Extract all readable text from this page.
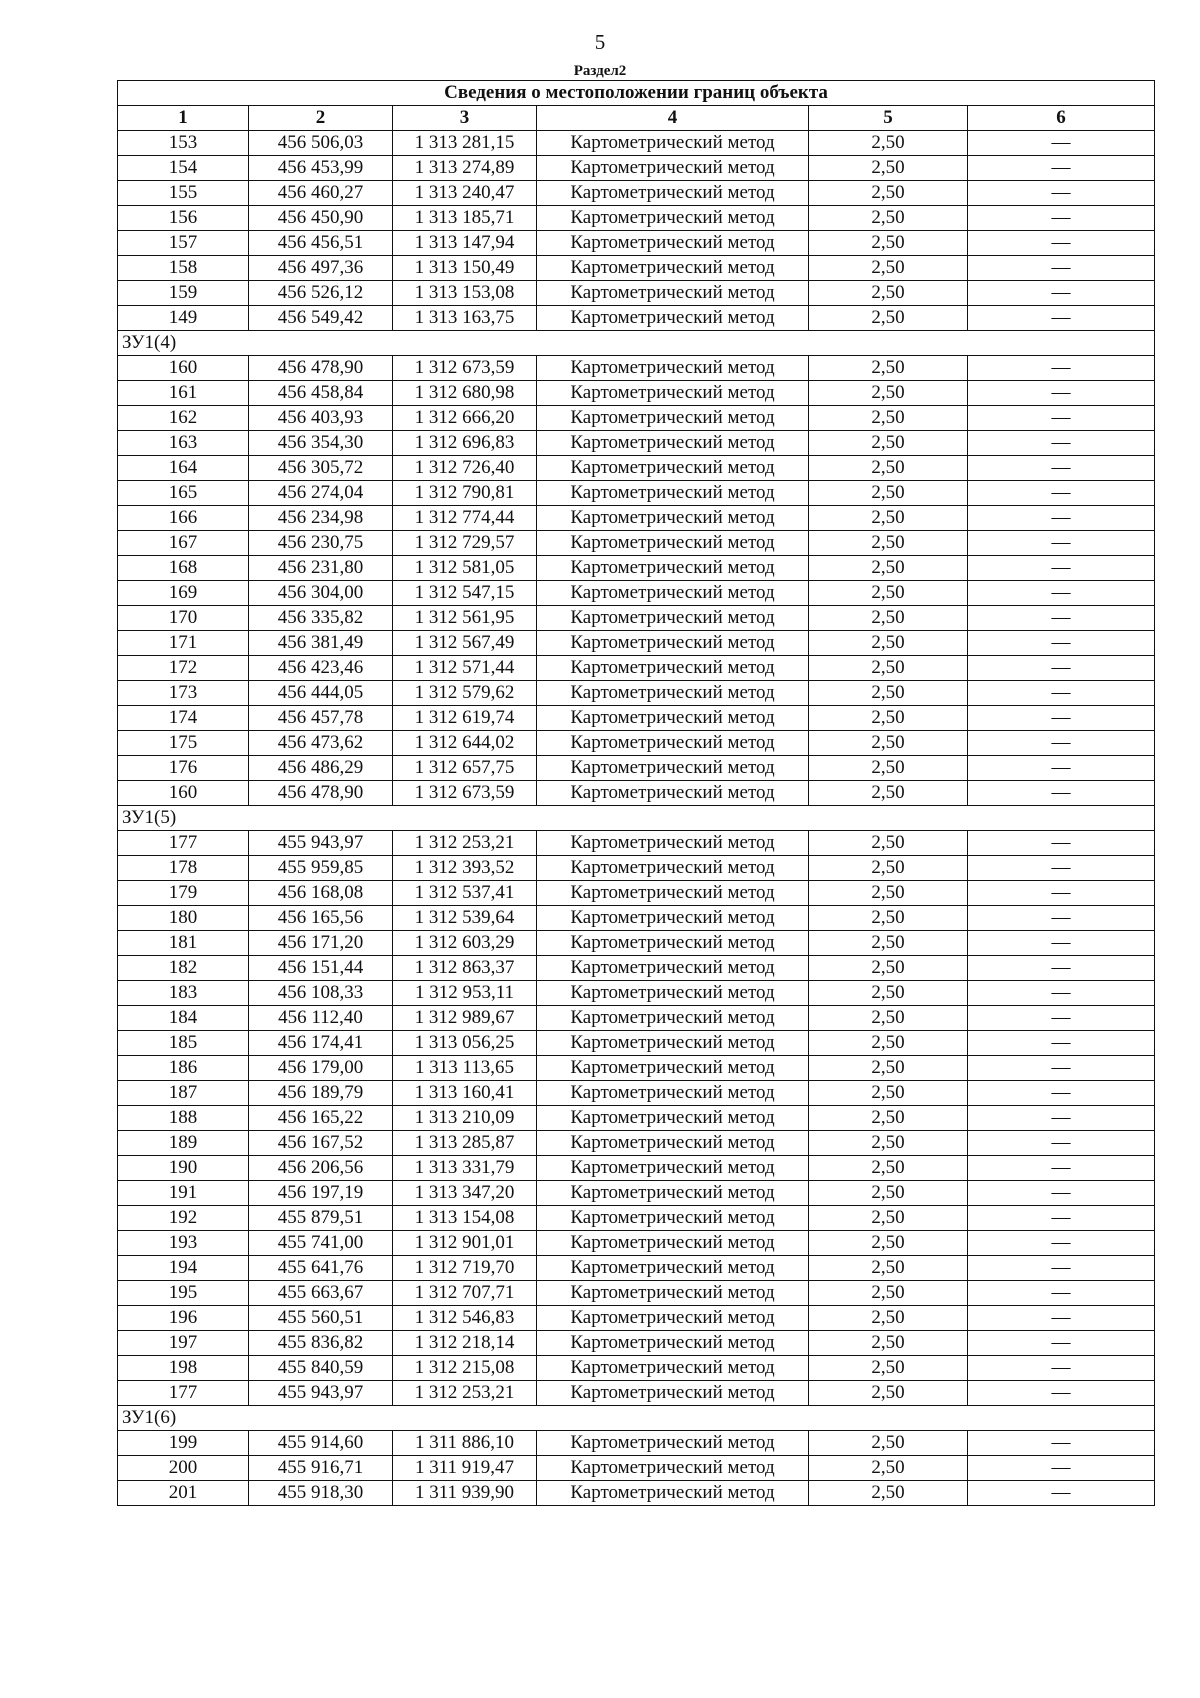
5
Раздел2
Сведения о местоположении границ объекта					
1	2	3	4	5	6
153	456 506,03	1 313 281,15	Картометрический метод	2,50	—
154	456 453,99	1 313 274,89	Картометрический метод	2,50	—
155	456 460,27	1 313 240,47	Картометрический метод	2,50	—
156	456 450,90	1 313 185,71	Картометрический метод	2,50	—
157	456 456,51	1 313 147,94	Картометрический метод	2,50	—
158	456 497,36	1 313 150,49	Картометрический метод	2,50	—
159	456 526,12	1 313 153,08	Картометрический метод	2,50	—
149	456 549,42	1 313 163,75	Картометрический метод	2,50	—
ЗУ1(4)					
160	456 478,90	1 312 673,59	Картометрический метод	2,50	—
161	456 458,84	1 312 680,98	Картометрический метод	2,50	—
162	456 403,93	1 312 666,20	Картометрический метод	2,50	—
163	456 354,30	1 312 696,83	Картометрический метод	2,50	—
164	456 305,72	1 312 726,40	Картометрический метод	2,50	—
165	456 274,04	1 312 790,81	Картометрический метод	2,50	—
166	456 234,98	1 312 774,44	Картометрический метод	2,50	—
167	456 230,75	1 312 729,57	Картометрический метод	2,50	—
168	456 231,80	1 312 581,05	Картометрический метод	2,50	—
169	456 304,00	1 312 547,15	Картометрический метод	2,50	—
170	456 335,82	1 312 561,95	Картометрический метод	2,50	—
171	456 381,49	1 312 567,49	Картометрический метод	2,50	—
172	456 423,46	1 312 571,44	Картометрический метод	2,50	—
173	456 444,05	1 312 579,62	Картометрический метод	2,50	—
174	456 457,78	1 312 619,74	Картометрический метод	2,50	—
175	456 473,62	1 312 644,02	Картометрический метод	2,50	—
176	456 486,29	1 312 657,75	Картометрический метод	2,50	—
160	456 478,90	1 312 673,59	Картометрический метод	2,50	—
ЗУ1(5)					
177	455 943,97	1 312 253,21	Картометрический метод	2,50	—
178	455 959,85	1 312 393,52	Картометрический метод	2,50	—
179	456 168,08	1 312 537,41	Картометрический метод	2,50	—
180	456 165,56	1 312 539,64	Картометрический метод	2,50	—
181	456 171,20	1 312 603,29	Картометрический метод	2,50	—
182	456 151,44	1 312 863,37	Картометрический метод	2,50	—
183	456 108,33	1 312 953,11	Картометрический метод	2,50	—
184	456 112,40	1 312 989,67	Картометрический метод	2,50	—
185	456 174,41	1 313 056,25	Картометрический метод	2,50	—
186	456 179,00	1 313 113,65	Картометрический метод	2,50	—
187	456 189,79	1 313 160,41	Картометрический метод	2,50	—
188	456 165,22	1 313 210,09	Картометрический метод	2,50	—
189	456 167,52	1 313 285,87	Картометрический метод	2,50	—
190	456 206,56	1 313 331,79	Картометрический метод	2,50	—
191	456 197,19	1 313 347,20	Картометрический метод	2,50	—
192	455 879,51	1 313 154,08	Картометрический метод	2,50	—
193	455 741,00	1 312 901,01	Картометрический метод	2,50	—
194	455 641,76	1 312 719,70	Картометрический метод	2,50	—
195	455 663,67	1 312 707,71	Картометрический метод	2,50	—
196	455 560,51	1 312 546,83	Картометрический метод	2,50	—
197	455 836,82	1 312 218,14	Картометрический метод	2,50	—
198	455 840,59	1 312 215,08	Картометрический метод	2,50	—
177	455 943,97	1 312 253,21	Картометрический метод	2,50	—
ЗУ1(6)					
199	455 914,60	1 311 886,10	Картометрический метод	2,50	—
200	455 916,71	1 311 919,47	Картометрический метод	2,50	—
201	455 918,30	1 311 939,90	Картометрический метод	2,50	—
